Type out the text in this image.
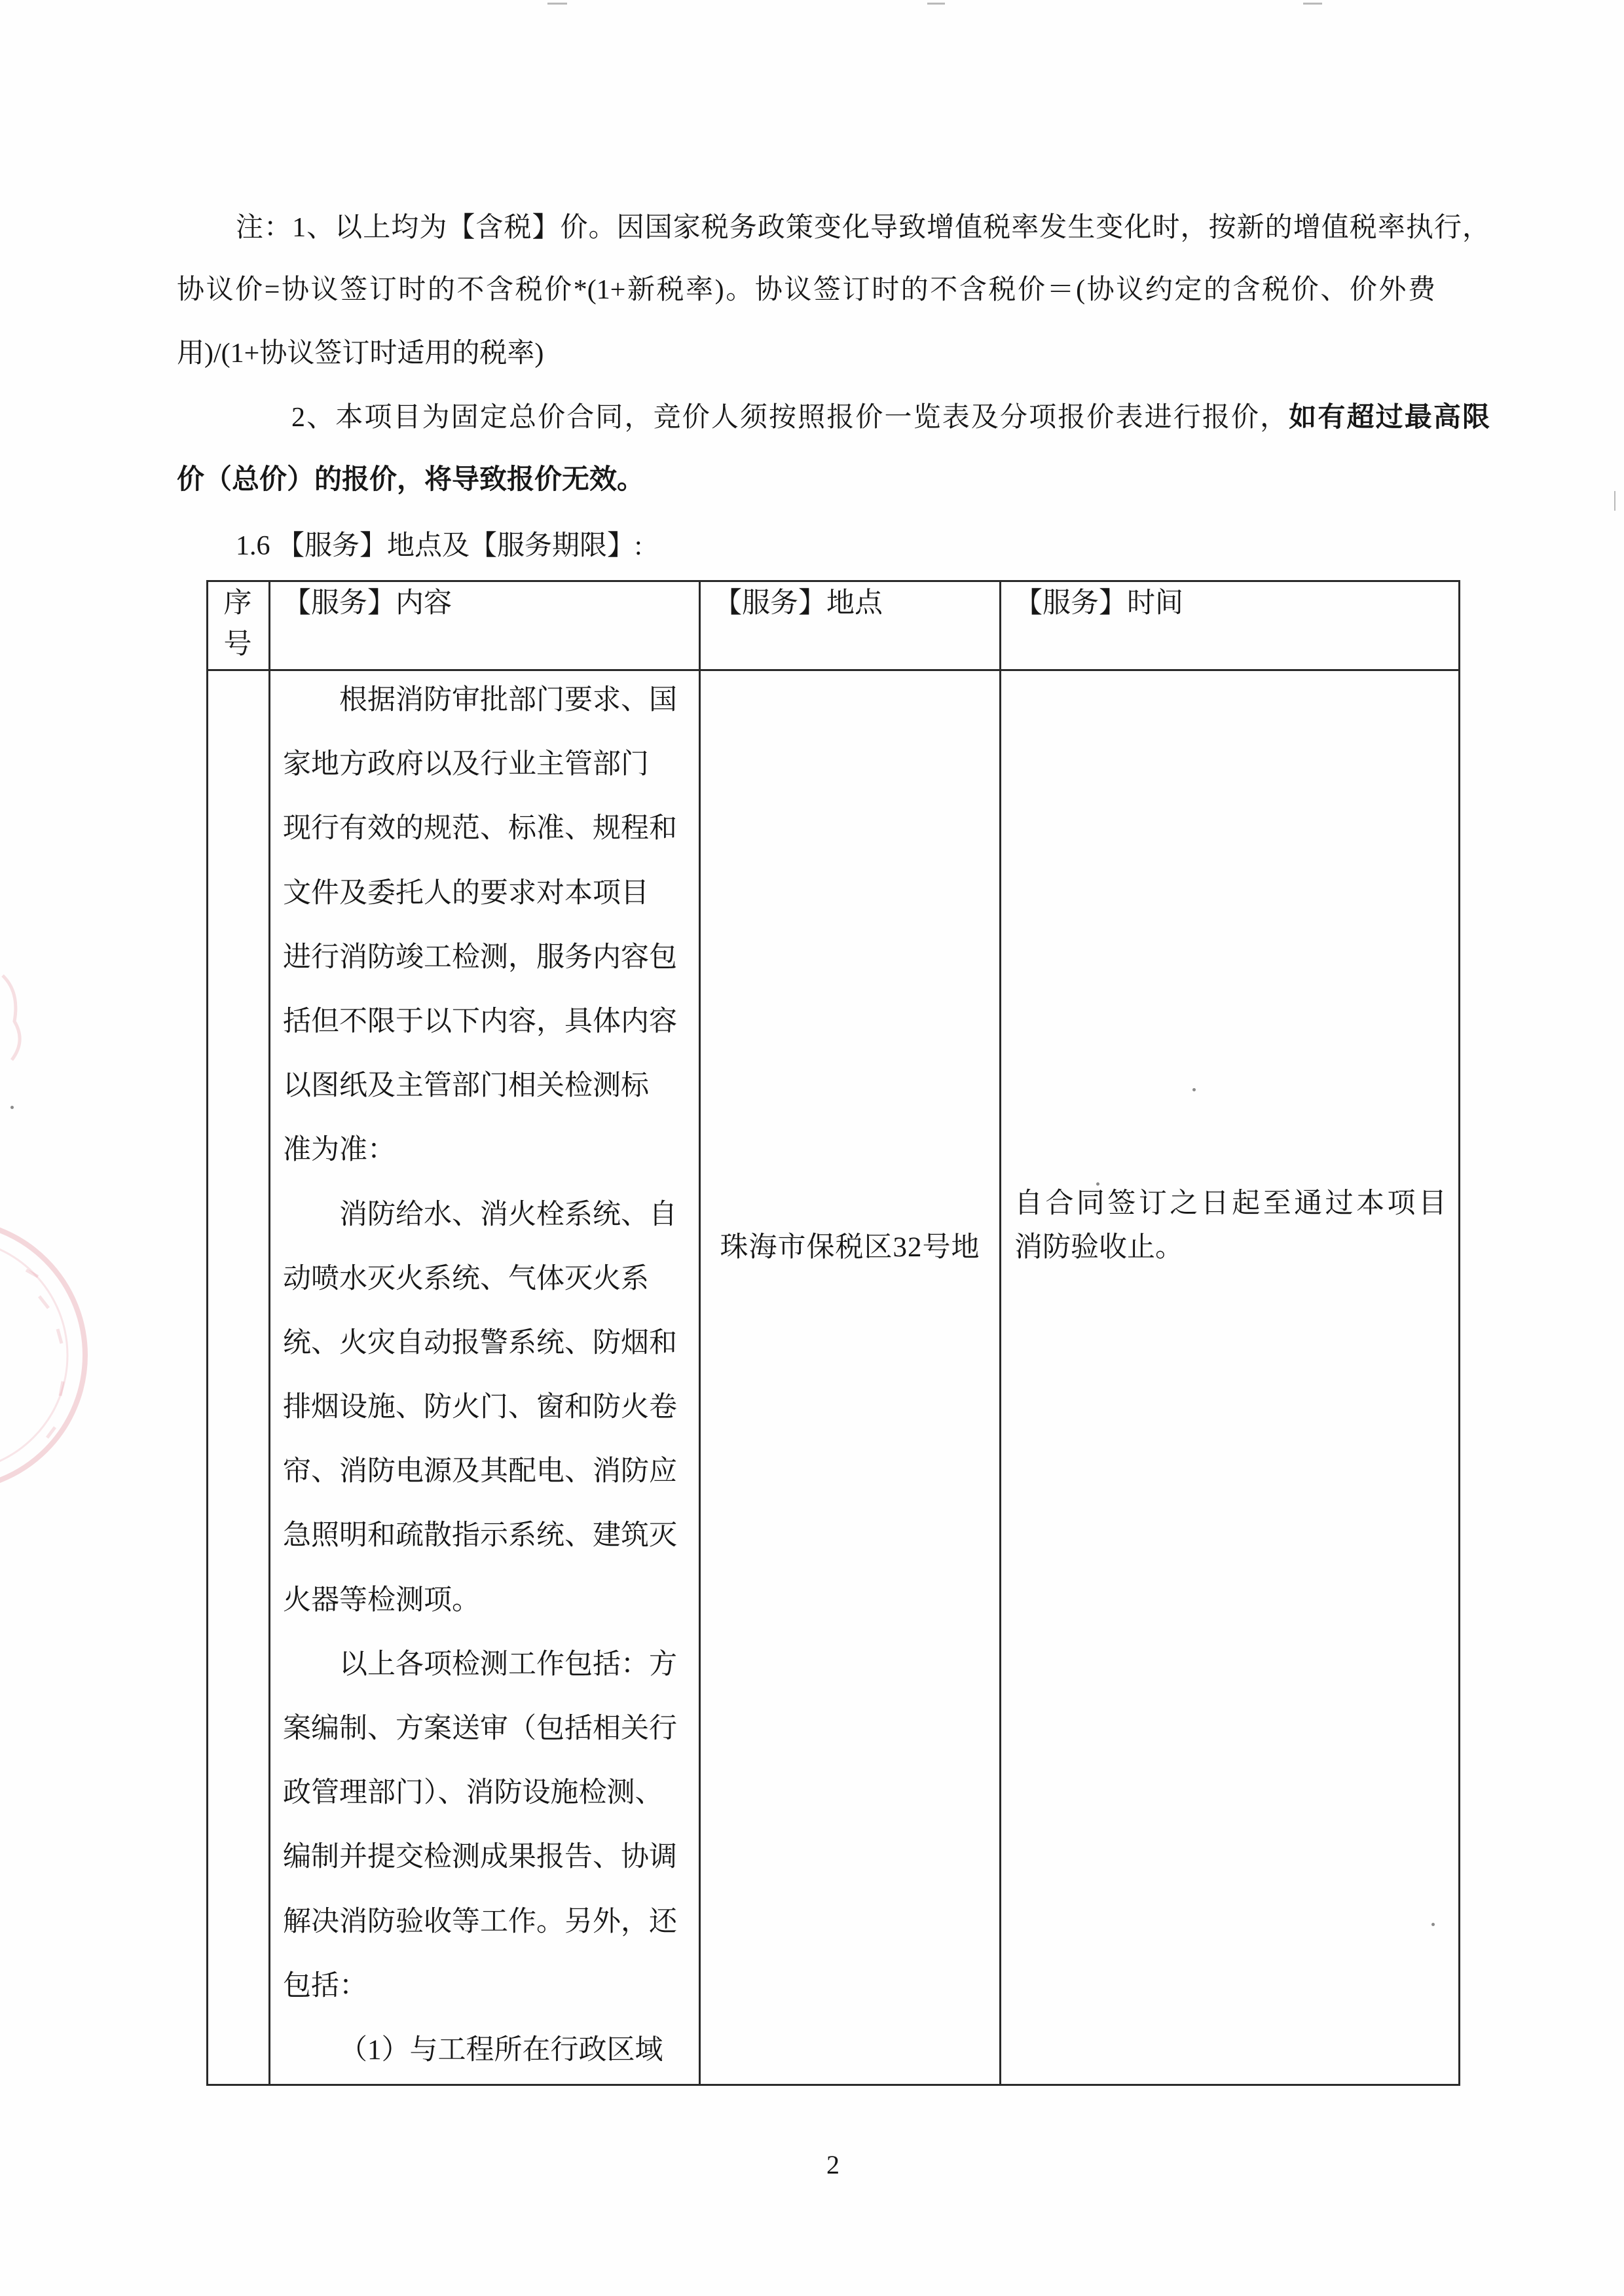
注：1、以上均为【含税】价。因国家税务政策变化导致增值税率发生变化时，按新的增值税率执行，
协议价=协议签订时的不含税价*(1+新税率)。协议签订时的不含税价＝(协议约定的含税价、价外费
用)/(1+协议签订时适用的税率)
2、本项目为固定总价合同，竞价人须按照报价一览表及分项报价表进行报价，如有超过最高限
价（总价）的报价，将导致报价无效。
1.6 【服务】地点及【服务期限】:
序号
【服务】内容	【服务】地点	【服务】时间
根据消防审批部门要求、国
家地方政府以及行业主管部门
现行有效的规范、标准、规程和
文件及委托人的要求对本项目
进行消防竣工检测，服务内容包
括但不限于以下内容，具体内容
以图纸及主管部门相关检测标
准为准：
消防给水、消火栓系统、自
动喷水灭火系统、气体灭火系
统、火灾自动报警系统、防烟和
排烟设施、防火门、窗和防火卷
帘、消防电源及其配电、消防应
急照明和疏散指示系统、建筑灭
火器等检测项。
以上各项检测工作包括：方
案编制、方案送审（包括相关行
政管理部门）、消防设施检测、
编制并提交检测成果报告、协调
解决消防验收等工作。另外，还
包括：
（1）与工程所在行政区域
珠海市保税区32号地
自合同签订之日起至通过本项目
消防验收止。
2
